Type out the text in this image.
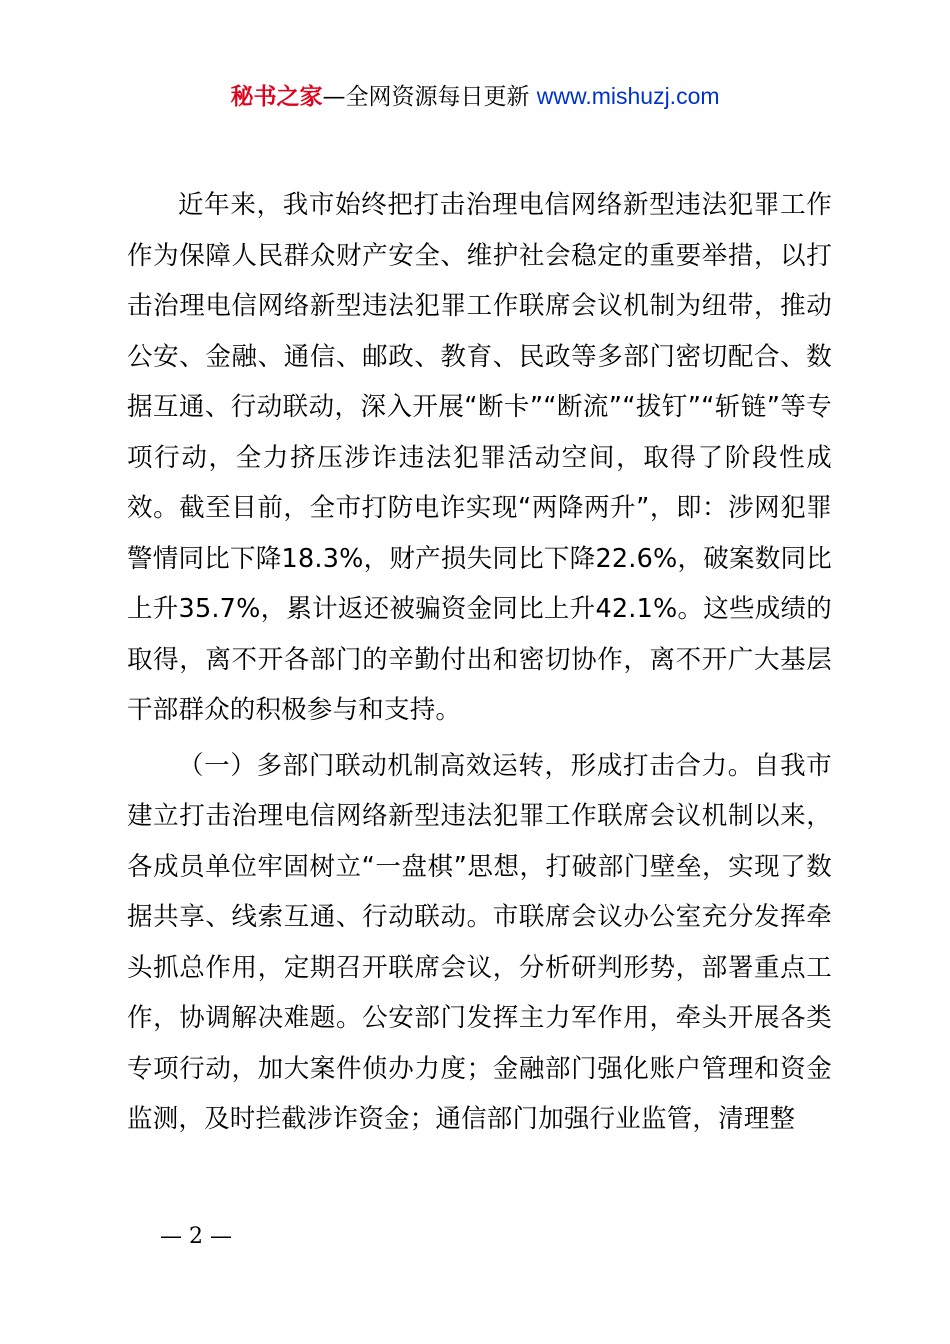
秘书之家—全网资源每日更新 www.mishuzj.com

近年来，我市始终把打击治理电信网络新型违法犯罪工作作为保障人民群众财产安全、维护社会稳定的重要举措，以打击治理电信网络新型违法犯罪工作联席会议机制为纽带，推动公安、金融、通信、邮政、教育、民政等多部门密切配合、数据互通、行动联动，深入开展“断卡”“断流”“拔钉”“斩链”等专项行动，全力挤压涉诈违法犯罪活动空间，取得了阶段性成效。截至目前，全市打防电诈实现“两降两升”，即：涉网犯罪警情同比下降18.3%，财产损失同比下降22.6%，破案数同比上升35.7%，累计返还被骗资金同比上升42.1%。这些成绩的取得，离不开各部门的辛勤付出和密切协作，离不开广大基层干部群众的积极参与和支持。

（一）多部门联动机制高效运转，形成打击合力。自我市建立打击治理电信网络新型违法犯罪工作联席会议机制以来，各成员单位牢固树立“一盘棋”思想，打破部门壁垒，实现了数据共享、线索互通、行动联动。市联席会议办公室充分发挥牵头抓总作用，定期召开联席会议，分析研判形势，部署重点工作，协调解决难题。公安部门发挥主力军作用，牵头开展各类专项行动，加大案件侦办力度；金融部门强化账户管理和资金监测，及时拦截涉诈资金；通信部门加强行业监管，清理整

— 2 —
